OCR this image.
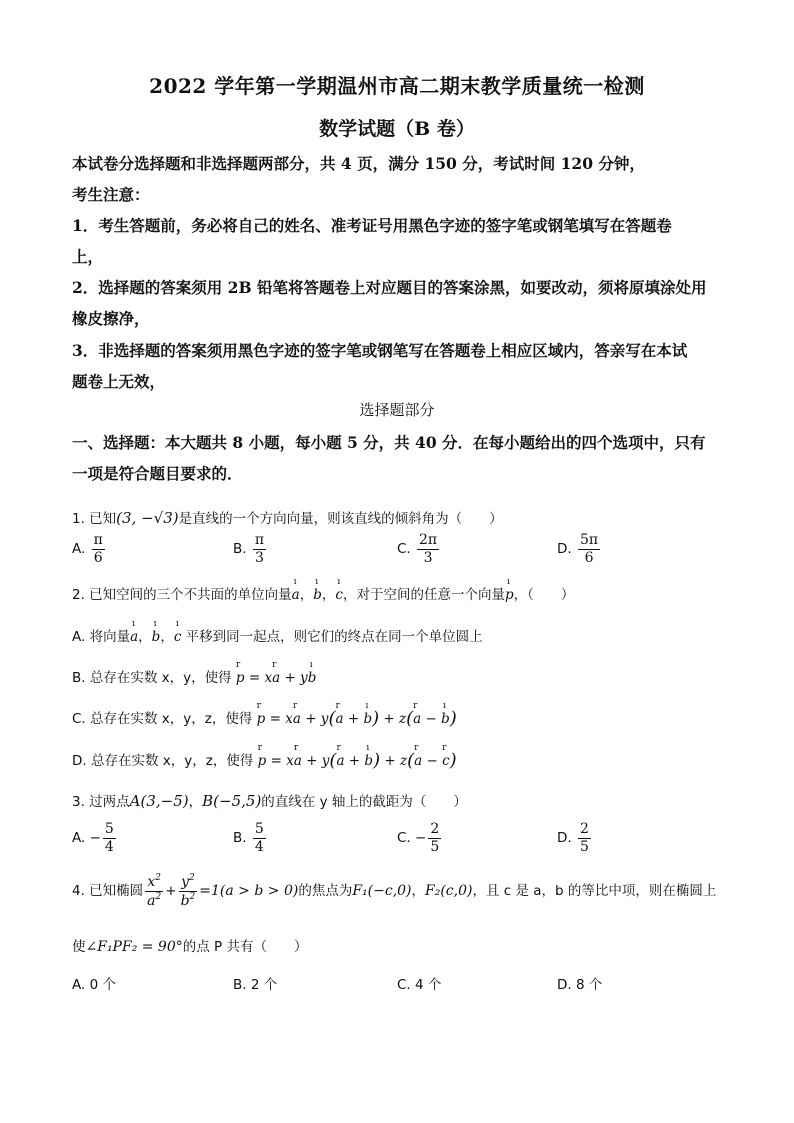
2022 学年第一学期温州市高二期末教学质量统一检测
数学试题（B 卷）
本试卷分选择题和非选择题两部分，共 4 页，满分 150 分，考试时间 120 分钟，
考生注意：
1．考生答题前，务必将自己的姓名、准考证号用黑色字迹的签字笔或钢笔填写在答题卷
上，
2．选择题的答案须用 2B 铅笔将答题卷上对应题目的答案涂黑，如要改动，须将原填涂处用
橡皮擦净，
3．非选择题的答案须用黑色字迹的签字笔或钢笔写在答题卷上相应区域内，答亲写在本试
题卷上无效，
选择题部分
一、选择题：本大题共 8 小题，每小题 5 分，共 40 分．在每小题给出的四个选项中，只有
一项是符合题目要求的．
1. 已知(3, −√3)是直线的一个方向向量，则该直线的倾斜角为（　　）
A. $\frac{\pi}{6}$	B. $\frac{\pi}{3}$	C. $\frac{2\pi}{3}$	D. $\frac{5\pi}{6}$
2. 已知空间的三个不共面的单位向量ı a，ı b，ı c，对于空间的任意一个向量ı p，（　　）
A. 将向量ı a，ı b，ı c 平移到同一起点，则它们的终点在同一个单位圆上
B. 总存在实数 x，y，使得 r p = xr a + yı b
C. 总存在实数 x，y，z，使得 r p = xr a + y(r a + ı b) + z(r a − ı b)
D. 总存在实数 x，y，z，使得 r p = xr a + y(r a + ı b) + z(r a − r c)
3. 过两点A(3,−5)，B(−5,5)的直线在 y 轴上的截距为（　　）
A. − $\frac{5}{4}$	B. $\frac{5}{4}$	C. − $\frac{2}{5}$	D. $\frac{2}{5}$
4. 已知椭圆 $\frac{x^2}{a^2} + \frac{y^2}{b^2} =1(a > b > 0)$的焦点为F₁(−c,0)，F₂(c,0)，且 c 是 a，b 的等比中项，则在椭圆上
使∠F₁PF₂ = 90°的点 P 共有（　　）
A. 0 个	B. 2 个	C. 4 个	D. 8 个
